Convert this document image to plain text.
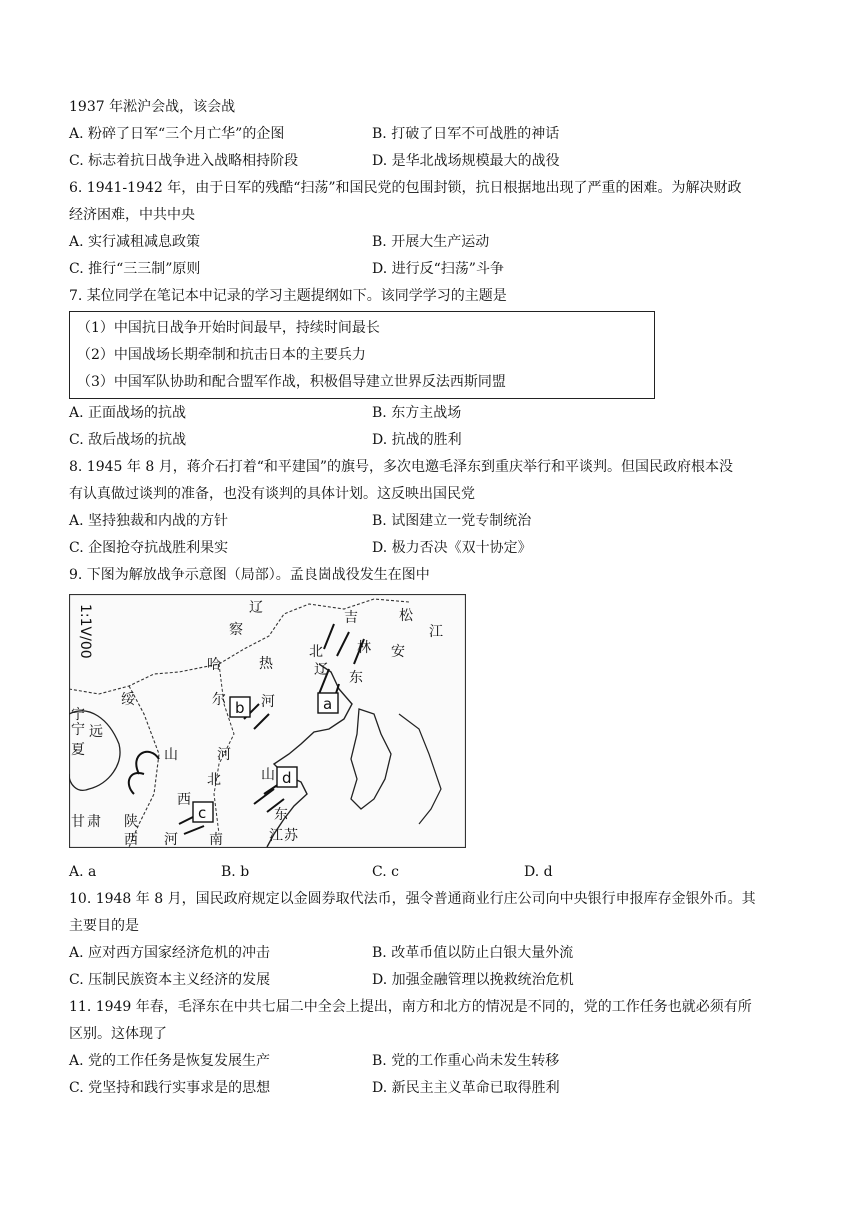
1937 年淞沪会战，该会战
A. 粉碎了日军“三个月亡华”的企图	B. 打破了日军不可战胜的神话
C. 标志着抗日战争进入战略相持阶段	D. 是华北战场规模最大的战役
6. 1941-1942 年，由于日军的残酷“扫荡”和国民党的包围封锁，抗日根据地出现了严重的困难。为解决财政
经济困难，中共中央
A. 实行减租减息政策	B. 开展大生产运动
C. 推行“三三制”原则	D. 进行反“扫荡”斗争
7. 某位同学在笔记本中记录的学习主题提纲如下。该同学学习的主题是
（1）中国抗日战争开始时间最早，持续时间最长
（2）中国战场长期牵制和抗击日本的主要兵力
（3）中国军队协助和配合盟军作战，积极倡导建立世界反法西斯同盟
A. 正面战场的抗战	B. 东方主战场
C. 敌后战场的抗战	D. 抗战的胜利
8. 1945 年 8 月，蒋介石打着“和平建国”的旗号，多次电邀毛泽东到重庆举行和平谈判。但国民政府根本没
有认真做过谈判的准备，也没有谈判的具体计划。这反映出国民党
A. 坚持独裁和内战的方针	B. 试图建立一党专制统治
C. 企图抢夺抗战胜利果实	D. 极力否决《双十协定》
9. 下图为解放战争示意图（局部）。孟良崮战役发生在图中
辽
吉	松
江
察
哈	热
北 林 安
尔
东
河
绥
宁
夏
远
河
山
北	山
西
东
甘 肃 陕
西 河 南	江 苏
宁
辽
1:1V/00
a
b
c
d
A. a	B. b	C. c	D. d
10. 1948 年 8 月，国民政府规定以金圆券取代法币，强令普通商业行庄公司向中央银行申报库存金银外币。其
主要目的是
A. 应对西方国家经济危机的冲击	B. 改革币值以防止白银大量外流
C. 压制民族资本主义经济的发展	D. 加强金融管理以挽救统治危机
11. 1949 年春，毛泽东在中共七届二中全会上提出，南方和北方的情况是不同的，党的工作任务也就必须有所
区别。这体现了
A. 党的工作任务是恢复发展生产	B. 党的工作重心尚未发生转移
C. 党坚持和践行实事求是的思想	D. 新民主主义革命已取得胜利
